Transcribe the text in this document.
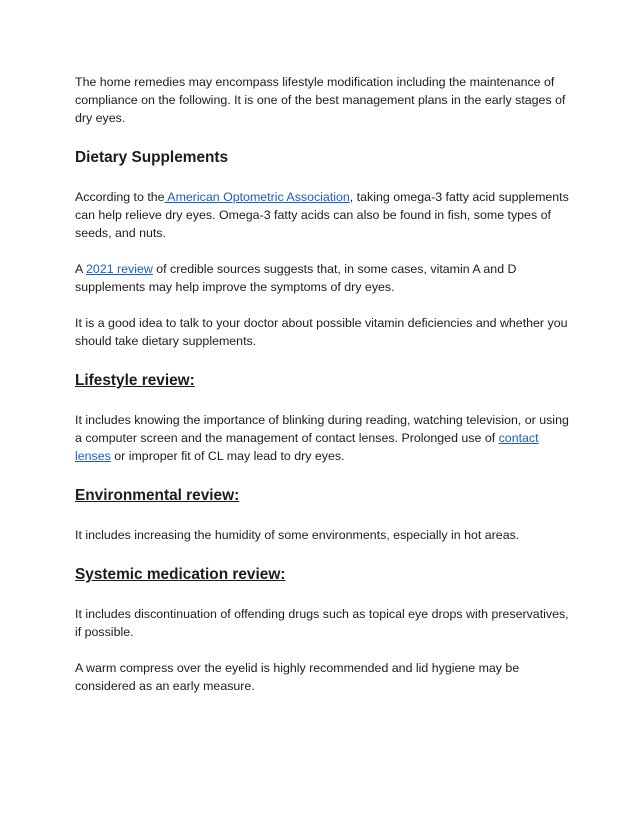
The home remedies may encompass lifestyle modification including the maintenance of compliance on the following. It is one of the best management plans in the early stages of dry eyes.

Dietary Supplements

According to the American Optometric Association, taking omega-3 fatty acid supplements can help relieve dry eyes. Omega-3 fatty acids can also be found in fish, some types of seeds, and nuts.

A 2021 review of credible sources suggests that, in some cases, vitamin A and D supplements may help improve the symptoms of dry eyes.

It is a good idea to talk to your doctor about possible vitamin deficiencies and whether you should take dietary supplements.

Lifestyle review:

It includes knowing the importance of blinking during reading, watching television, or using a computer screen and the management of contact lenses. Prolonged use of contact lenses or improper fit of CL may lead to dry eyes.

Environmental review:

It includes increasing the humidity of some environments, especially in hot areas.

Systemic medication review:

It includes discontinuation of offending drugs such as topical eye drops with preservatives, if possible.

A warm compress over the eyelid is highly recommended and lid hygiene may be considered as an early measure.
